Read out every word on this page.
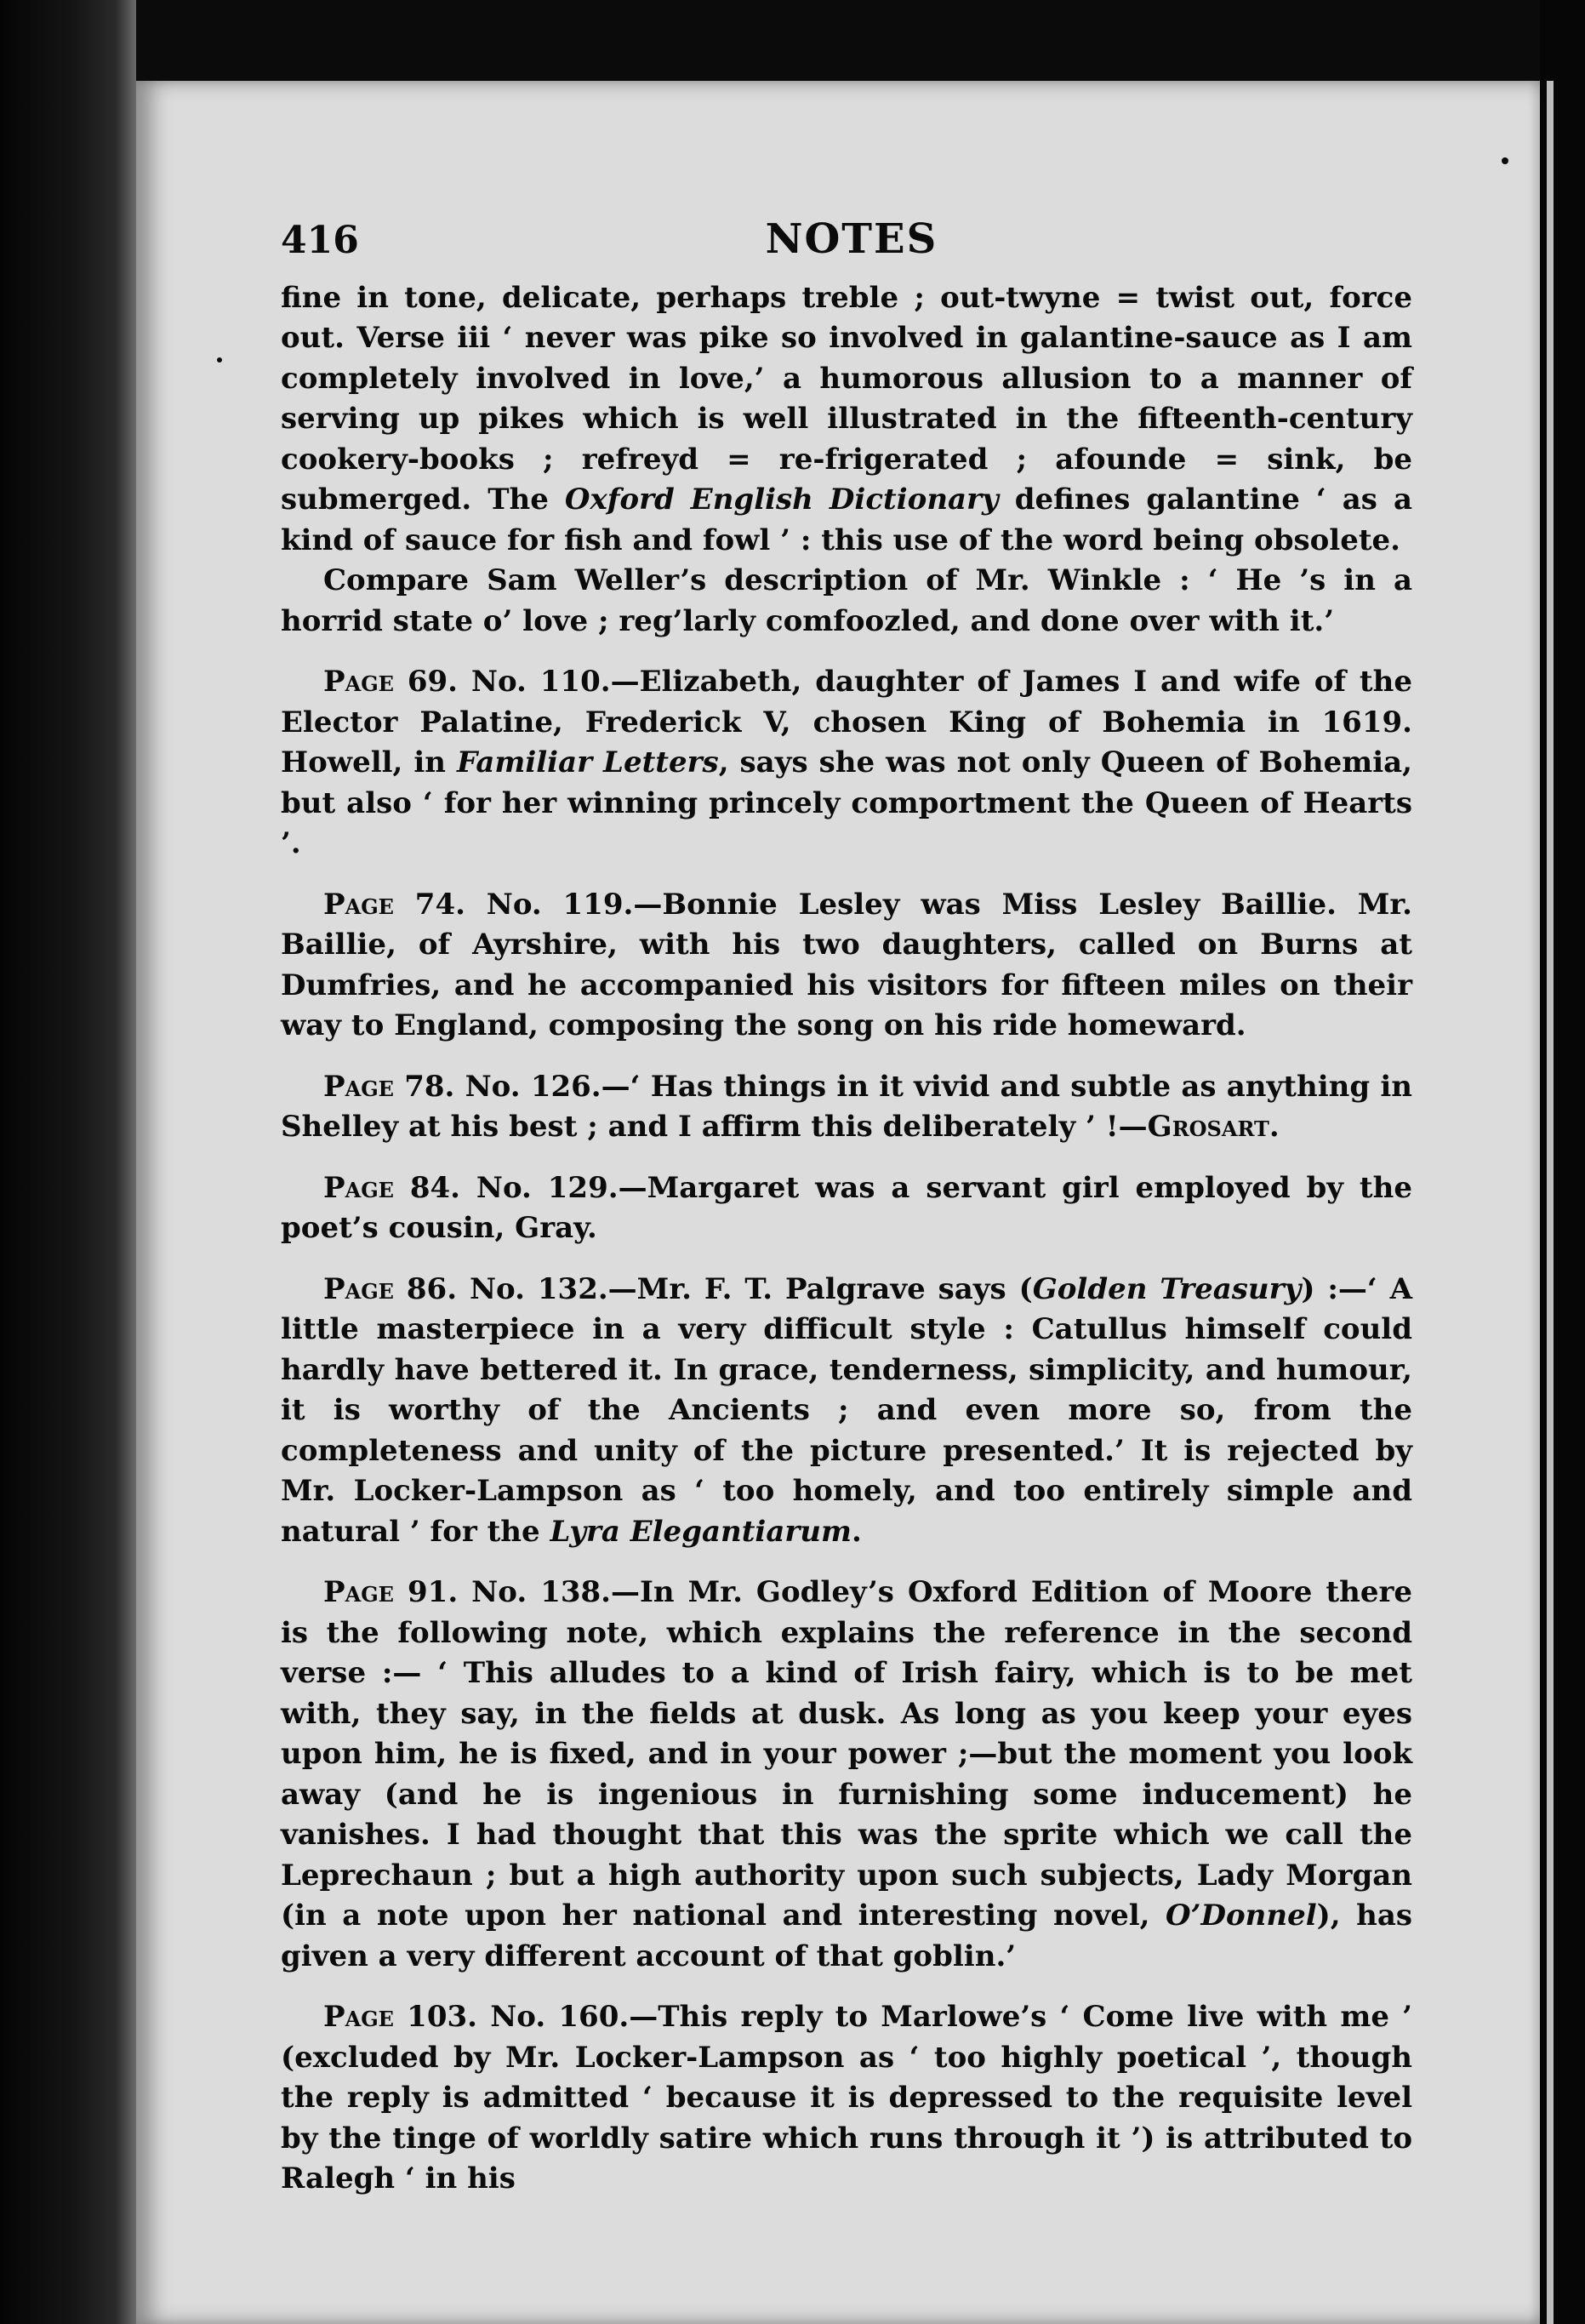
416	NOTES

fine in tone, delicate, perhaps treble ; out-twyne = twist out, force out. Verse iii ‘ never was pike so involved in galantine-sauce as I am completely involved in love,’ a humorous allusion to a manner of serving up pikes which is well illustrated in the fifteenth-century cookery-books ; refreyd = re-frigerated ; afounde = sink, be submerged. The Oxford English Dictionary defines galantine ‘ as a kind of sauce for fish and fowl ’ : this use of the word being obsolete.

Compare Sam Weller’s description of Mr. Winkle : ‘ He ’s in a horrid state o’ love ; reg’larly comfoozled, and done over with it.’

Page 69. No. 110.—Elizabeth, daughter of James I and wife of the Elector Palatine, Frederick V, chosen King of Bohemia in 1619. Howell, in Familiar Letters, says she was not only Queen of Bohemia, but also ‘ for her winning princely comportment the Queen of Hearts ’.

Page 74. No. 119.—Bonnie Lesley was Miss Lesley Baillie. Mr. Baillie, of Ayrshire, with his two daughters, called on Burns at Dumfries, and he accompanied his visitors for fifteen miles on their way to England, composing the song on his ride homeward.

Page 78. No. 126.—‘ Has things in it vivid and subtle as anything in Shelley at his best ; and I affirm this deliberately ’ !—Grosart.

Page 84. No. 129.—Margaret was a servant girl employed by the poet’s cousin, Gray.

Page 86. No. 132.—Mr. F. T. Palgrave says (Golden Treasury) :—‘ A little masterpiece in a very difficult style : Catullus himself could hardly have bettered it. In grace, tenderness, simplicity, and humour, it is worthy of the Ancients ; and even more so, from the completeness and unity of the picture presented.’ It is rejected by Mr. Locker-Lampson as ‘ too homely, and too entirely simple and natural ’ for the Lyra Elegantiarum.

Page 91. No. 138.—In Mr. Godley’s Oxford Edition of Moore there is the following note, which explains the reference in the second verse :— ‘ This alludes to a kind of Irish fairy, which is to be met with, they say, in the fields at dusk. As long as you keep your eyes upon him, he is fixed, and in your power ;—but the moment you look away (and he is ingenious in furnishing some inducement) he vanishes. I had thought that this was the sprite which we call the Leprechaun ; but a high authority upon such subjects, Lady Morgan (in a note upon her national and interesting novel, O’Donnel), has given a very different account of that goblin.’

Page 103. No. 160.—This reply to Marlowe’s ‘ Come live with me ’ (excluded by Mr. Locker-Lampson as ‘ too highly poetical ’, though the reply is admitted ‘ because it is depressed to the requisite level by the tinge of worldly satire which runs through it ’) is attributed to Ralegh ‘ in his
